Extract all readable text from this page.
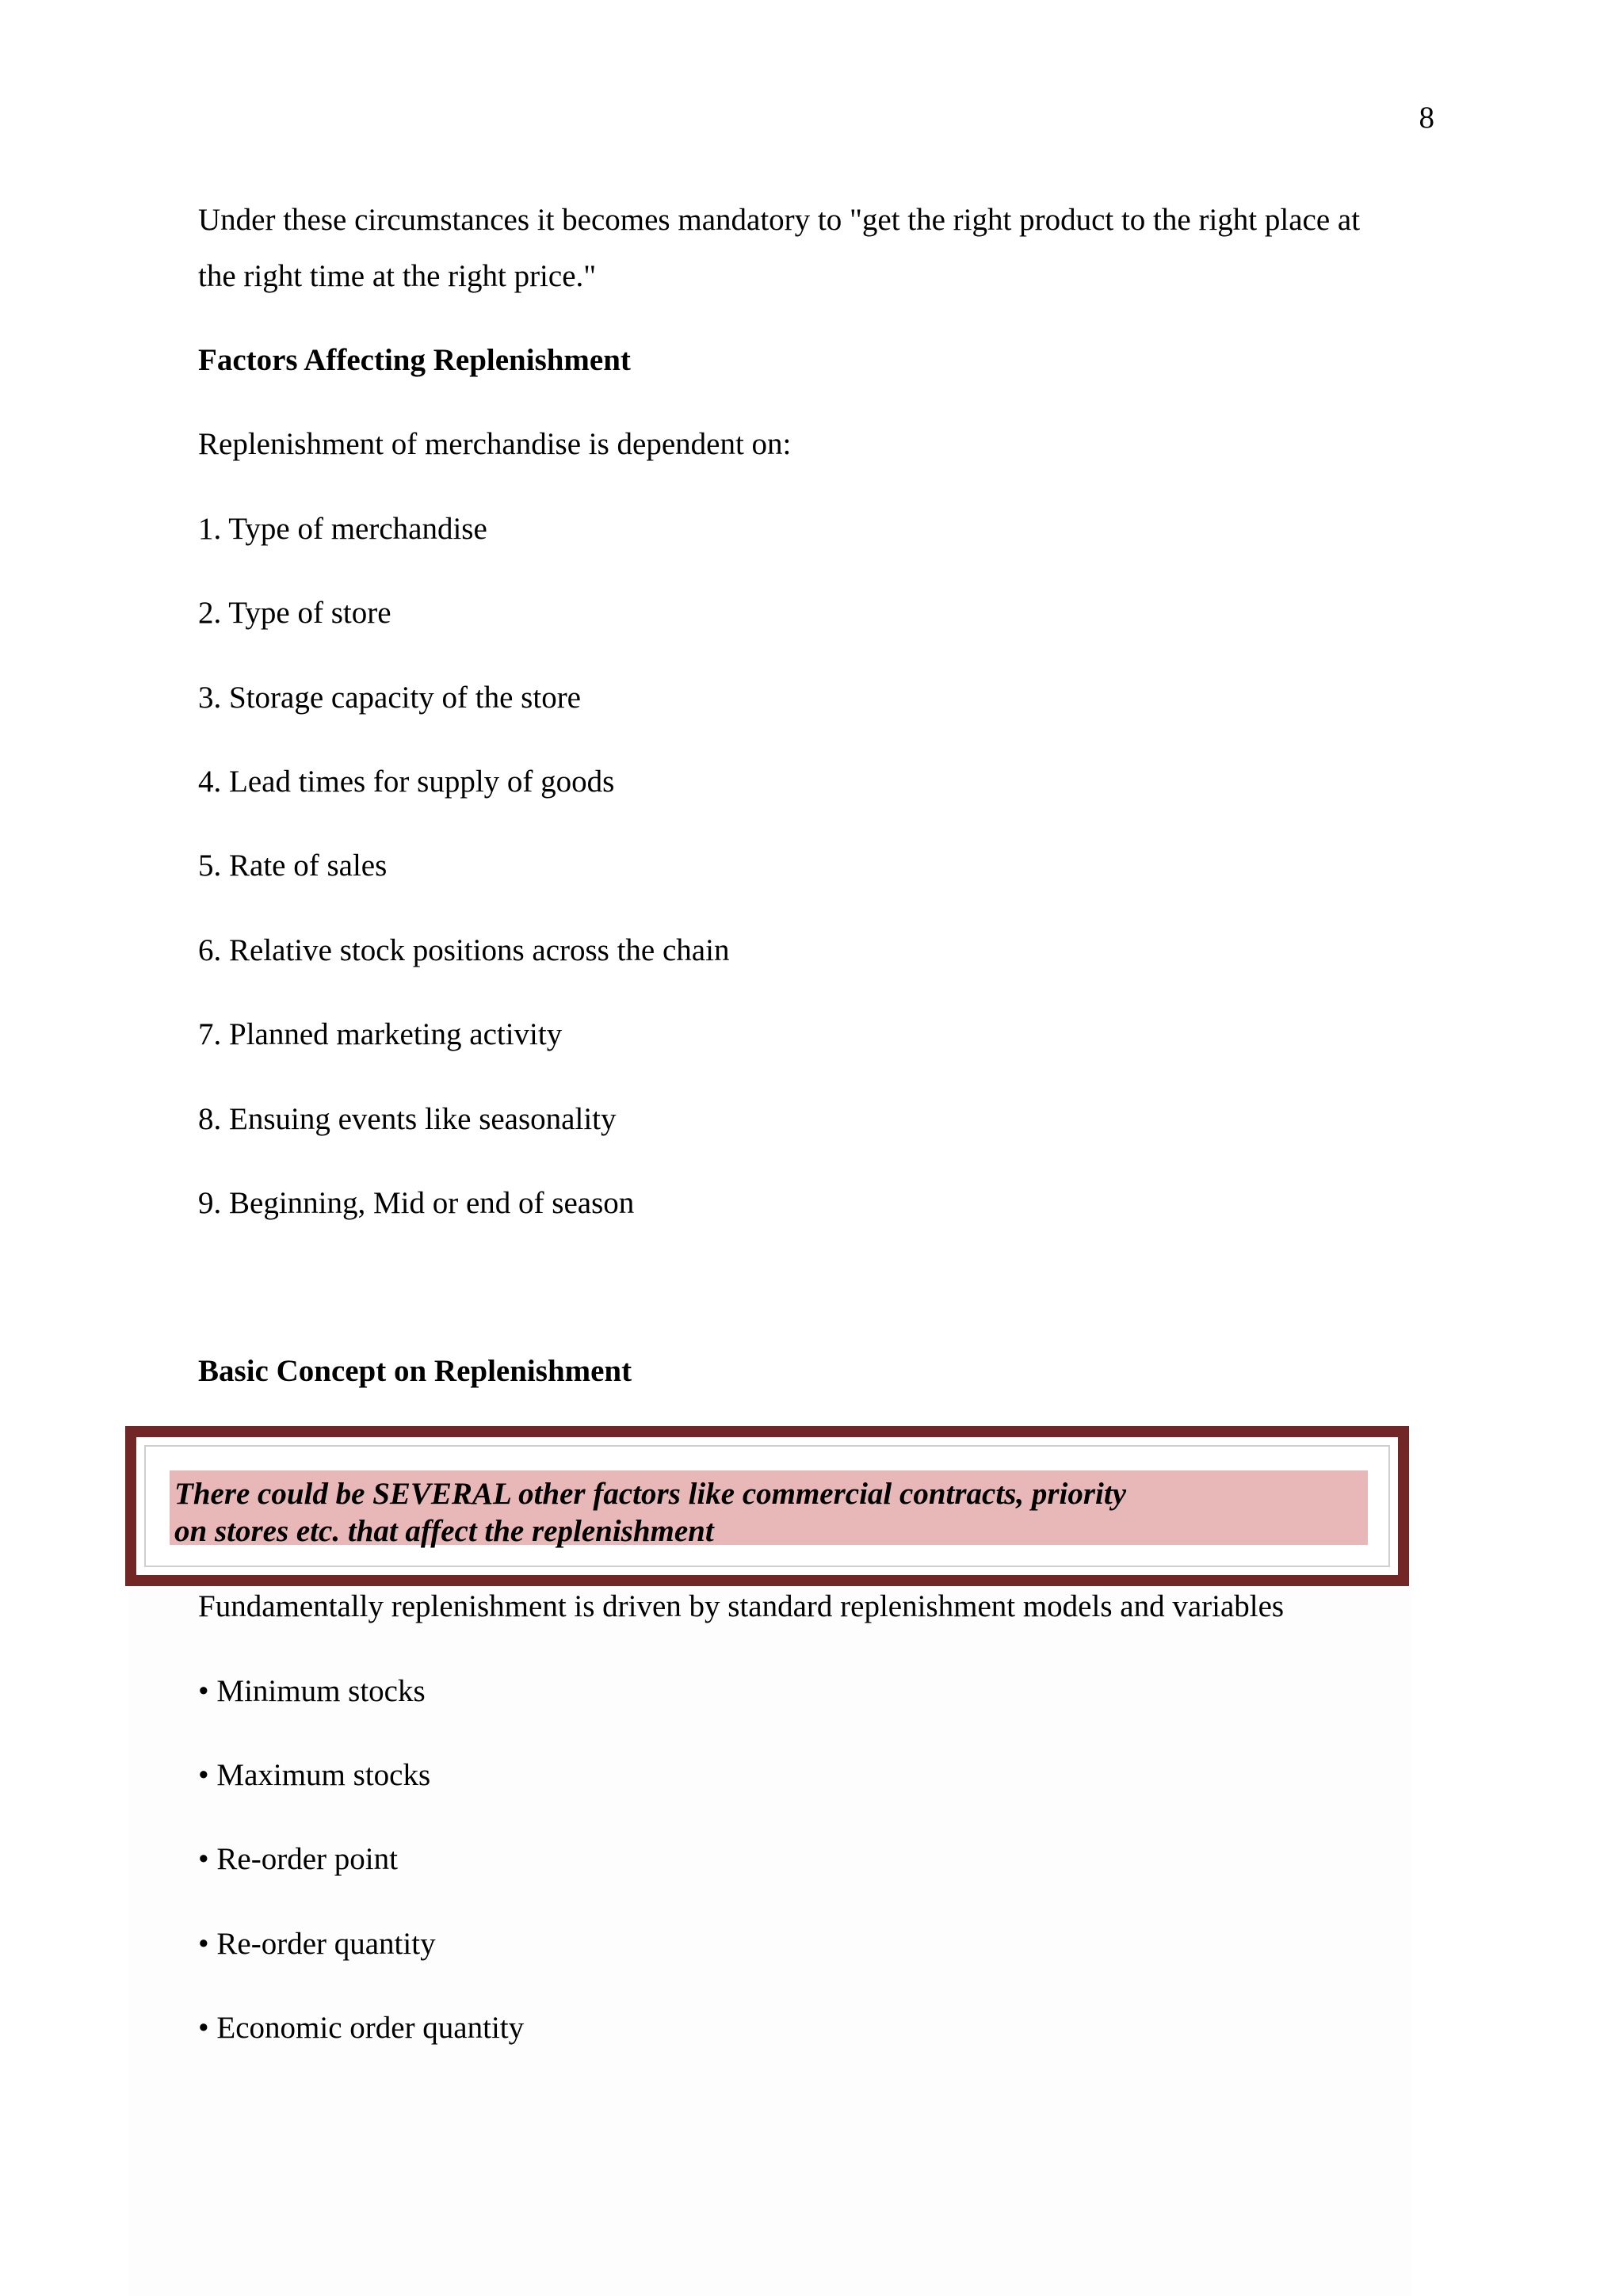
8
Under these circumstances it becomes mandatory to "get the right product to the right place at
the right time at the right price."
Factors Affecting Replenishment
Replenishment of merchandise is dependent on:
1. Type of merchandise
2. Type of store
3. Storage capacity of the store
4. Lead times for supply of goods
5. Rate of sales
6. Relative stock positions across the chain
7. Planned marketing activity
8. Ensuing events like seasonality
9. Beginning, Mid or end of season
Basic Concept on Replenishment
There could be SEVERAL other factors like commercial contracts, priority
on stores etc. that affect the replenishment
Fundamentally replenishment is driven by standard replenishment models and variables
• Minimum stocks
• Maximum stocks
• Re-order point
• Re-order quantity
• Economic order quantity
